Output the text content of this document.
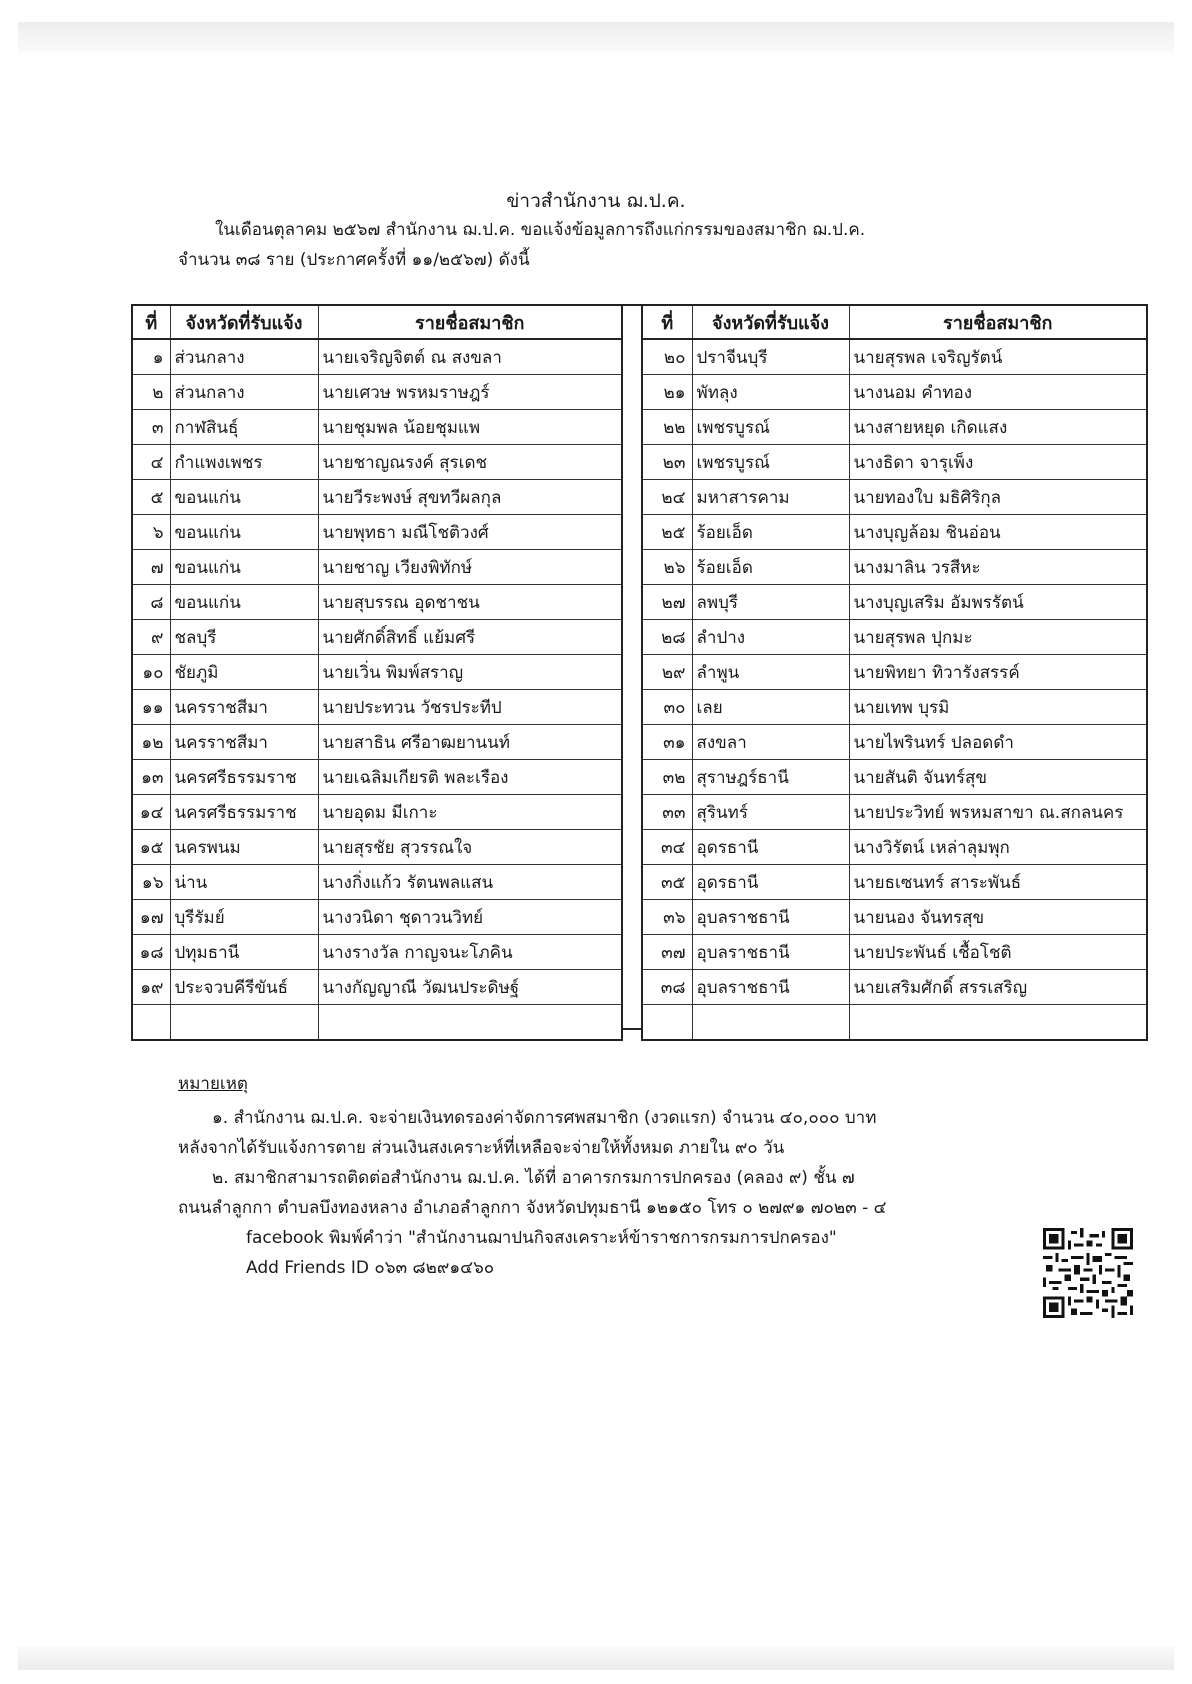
ข่าวสำนักงาน ฌ.ป.ค.
ในเดือนตุลาคม ๒๕๖๗ สำนักงาน ฌ.ป.ค. ขอแจ้งข้อมูลการถึงแก่กรรมของสมาชิก ฌ.ป.ค.
จำนวน ๓๘ ราย (ประกาศครั้งที่ ๑๑/๒๕๖๗) ดังนี้
ที่	จังหวัดที่รับแจ้ง	รายชื่อสมาชิก
๑	ส่วนกลาง	นายเจริญจิตต์ ณ สงขลา
๒	ส่วนกลาง	นายเศวษ พรหมราษฎร์
๓	กาฬสินธุ์	นายชุมพล น้อยชุมแพ
๔	กำแพงเพชร	นายชาญณรงค์ สุรเดช
๕	ขอนแก่น	นายวีระพงษ์ สุขทวีผลกุล
๖	ขอนแก่น	นายพุทธา มณีโชติวงศ์
๗	ขอนแก่น	นายชาญ เวียงพิทักษ์
๘	ขอนแก่น	นายสุบรรณ อุดชาชน
๙	ชลบุรี	นายศักดิ์สิทธิ์ แย้มศรี
๑๐	ชัยภูมิ	นายเวิ่น พิมพ์สราญ
๑๑	นครราชสีมา	นายประทวน วัชรประทีป
๑๒	นครราชสีมา	นายสาธิน ศรีอาฒยานนท์
๑๓	นครศรีธรรมราช	นายเฉลิมเกียรติ พละเรือง
๑๔	นครศรีธรรมราช	นายอุดม มีเกาะ
๑๕	นครพนม	นายสุรชัย สุวรรณใจ
๑๖	น่าน	นางกิ่งแก้ว รัตนพลแสน
๑๗	บุรีรัมย์	นางวนิดา ชุดาวนวิทย์
๑๘	ปทุมธานี	นางรางวัล กาญจนะโภคิน
๑๙	ประจวบคีรีขันธ์	นางกัญญาณี วัฒนประดิษฐ์

ที่	จังหวัดที่รับแจ้ง	รายชื่อสมาชิก
๒๐	ปราจีนบุรี	นายสุรพล เจริญรัตน์
๒๑	พัทลุง	นางนอม คำทอง
๒๒	เพชรบูรณ์	นางสายหยุด เกิดแสง
๒๓	เพชรบูรณ์	นางธิดา จารุเพ็ง
๒๔	มหาสารคาม	นายทองใบ มธิศิริกุล
๒๕	ร้อยเอ็ด	นางบุญล้อม ชินอ่อน
๒๖	ร้อยเอ็ด	นางมาลิน วรสีหะ
๒๗	ลพบุรี	นางบุญเสริม อัมพรรัตน์
๒๘	ลำปาง	นายสุรพล ปุกมะ
๒๙	ลำพูน	นายพิทยา ทิวารังสรรค์
๓๐	เลย	นายเทพ บุรมิ
๓๑	สงขลา	นายไพรินทร์ ปลอดดำ
๓๒	สุราษฎร์ธานี	นายสันติ จันทร์สุข
๓๓	สุรินทร์	นายประวิทย์ พรหมสาขา ณ.สกลนคร
๓๔	อุดรธานี	นางวิรัตน์ เหล่าลุมพุก
๓๕	อุดรธานี	นายธเซนทร์ สาระพันธ์
๓๖	อุบลราชธานี	นายนอง จันทรสุข
๓๗	อุบลราชธานี	นายประพันธ์ เชื้อโชติ
๓๘	อุบลราชธานี	นายเสริมศักดิ์ สรรเสริญ

หมายเหตุ

๑. สำนักงาน ฌ.ป.ค. จะจ่ายเงินทดรองค่าจัดการศพสมาชิก (งวดแรก) จำนวน ๔๐,๐๐๐ บาท

หลังจากได้รับแจ้งการตาย ส่วนเงินสงเคราะห์ที่เหลือจะจ่ายให้ทั้งหมด ภายใน ๙๐ วัน

๒. สมาชิกสามารถติดต่อสำนักงาน ฌ.ป.ค. ได้ที่ อาคารกรมการปกครอง (คลอง ๙) ชั้น ๗

ถนนลำลูกกา ตำบลบึงทองหลาง อำเภอลำลูกกา จังหวัดปทุมธานี ๑๒๑๕๐ โทร ๐ ๒๗๙๑ ๗๐๒๓ - ๔

facebook พิมพ์คำว่า "สำนักงานฌาปนกิจสงเคราะห์ข้าราชการกรมการปกครอง"

Add Friends ID ๐๖๓ ๘๒๙๑๔๖๐
